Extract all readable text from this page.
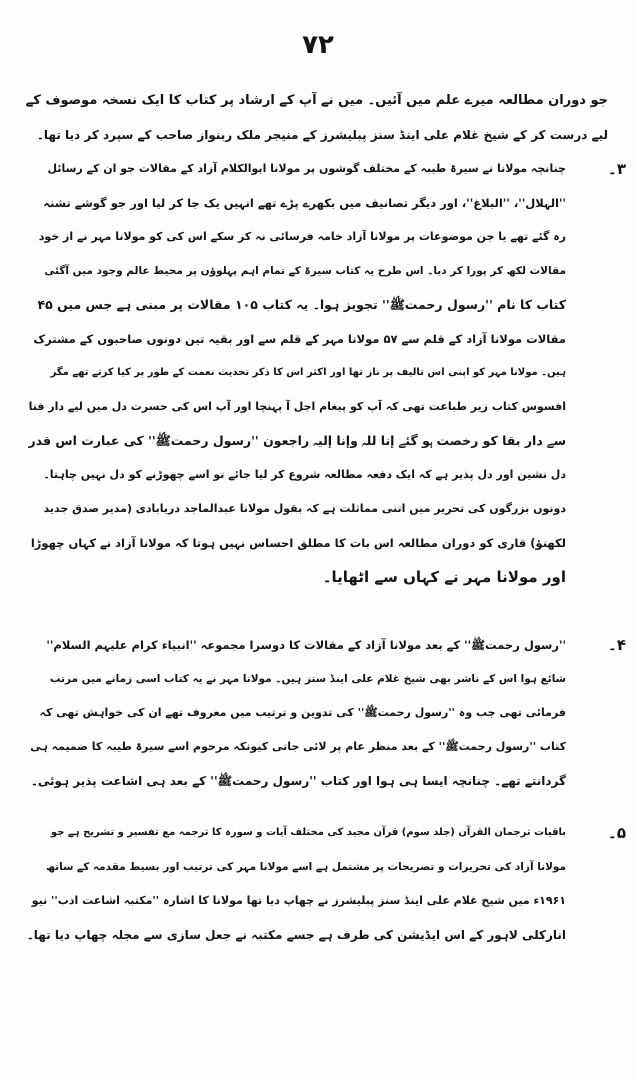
۷۲
جو دوران مطالعہ میرے علم میں آئیں۔ میں نے آپ کے ارشاد پر کتاب کا ایک نسخہ موصوف کے
لیے درست کر کے شیخ غلام علی اینڈ سنز پبلیشرز کے منیجر ملک ربنواز صاحب کے سپرد کر دیا تھا۔
۳۔
چنانچہ مولانا نے سیرۃ طیبہ کے مختلف گوشوں پر مولانا ابوالکلام آزاد کے مقالات جو ان کے رسائل
''الہلال''، ''البلاغ''، اور دیگر تصانیف میں بکھرے پڑے تھے انہیں یک جا کر لیا اور جو گوشے تشنہ
رہ گئے تھے یا جن موضوعات پر مولانا آزاد خامہ فرسائی نہ کر سکے اس کی کو مولانا مہر نے از خود
مقالات لکھ کر پورا کر دیا۔ اس طرح یہ کتاب سیرۃ کے تمام اہم پہلوؤں پر محیط عالم وجود میں آگئی
کتاب کا نام ''رسول رحمتﷺ'' تجویز ہوا۔ یہ کتاب ۱۰۵ مقالات پر مبنی ہے جس میں ۴۵
مقالات مولانا آزاد کے قلم سے ۵۷ مولانا مہر کے قلم سے اور بقیہ تین دونوں صاحبوں کے مشترک
ہیں۔ مولانا مہر کو اپنی اس تالیف پر ناز تھا اور اکثر اس کا ذکر تحدیث نعمت کے طور پر کیا کرتے تھے مگر
افسوس کتاب زیر طباعت تھی کہ آپ کو پیغام اجل آ پہنچا اور آپ اس کی حسرت دل میں لیے دار فنا
سے دار بقا کو رخصت ہو گئے إنا للہ وإنا إلیہ راجعون ''رسول رحمتﷺ'' کی عبارت اس قدر
دل نشین اور دل پذیر ہے کہ ایک دفعہ مطالعہ شروع کر لیا جائے تو اسے چھوڑنے کو دل نہیں چاہتا۔
دونوں بزرگوں کی تحریر میں اتنی مماثلت ہے کہ بقول مولانا عبدالماجد دریابادی (مدیر صدق جدید
لکھنؤ) قاری کو دوران مطالعہ اس بات کا مطلق احساس نہیں ہوتا کہ مولانا آزاد نے کہاں چھوڑا
اور مولانا مہر نے کہاں سے اٹھایا۔
۴۔
''رسول رحمتﷺ'' کے بعد مولانا آزاد کے مقالات کا دوسرا مجموعہ ''انبیاء کرام علیہم السلام''
شائع ہوا اس کے ناشر بھی شیخ غلام علی اینڈ سنز ہیں۔ مولانا مہر نے یہ کتاب اسی زمانے میں مرتب
فرمائی تھی جب وہ ''رسول رحمتﷺ'' کی تدوین و ترتیب میں معروف تھے ان کی خواہش تھی کہ
کتاب ''رسول رحمتﷺ'' کے بعد منظر عام پر لائی جاتی کیونکہ مرحوم اسے سیرۃ طیبہ کا ضمیمہ ہی
گردانتے تھے۔ چنانچہ ایسا ہی ہوا اور کتاب ''رسول رحمتﷺ'' کے بعد ہی اشاعت پذیر ہوئی۔
۵۔
باقیات ترجمان القرآن (جلد سوم) قرآن مجید کی مختلف آیات و سورہ کا ترجمہ مع تفسیر و تشریح ہے جو
مولانا آزاد کی تحریرات و تصریحات پر مشتمل ہے اسے مولانا مہر کی ترتیب اور بسیط مقدمہ کے ساتھ
۱۹۶۱ء میں شیخ غلام علی اینڈ سنز پبلیشرز نے چھاپ دیا تھا مولانا کا اشارہ ''مکتبہ اشاعت ادب'' نیو
انارکلی لاہور کے اس ایڈیشن کی طرف ہے جسے مکتبہ نے جعل سازی سے مجلہ چھاپ دیا تھا۔
